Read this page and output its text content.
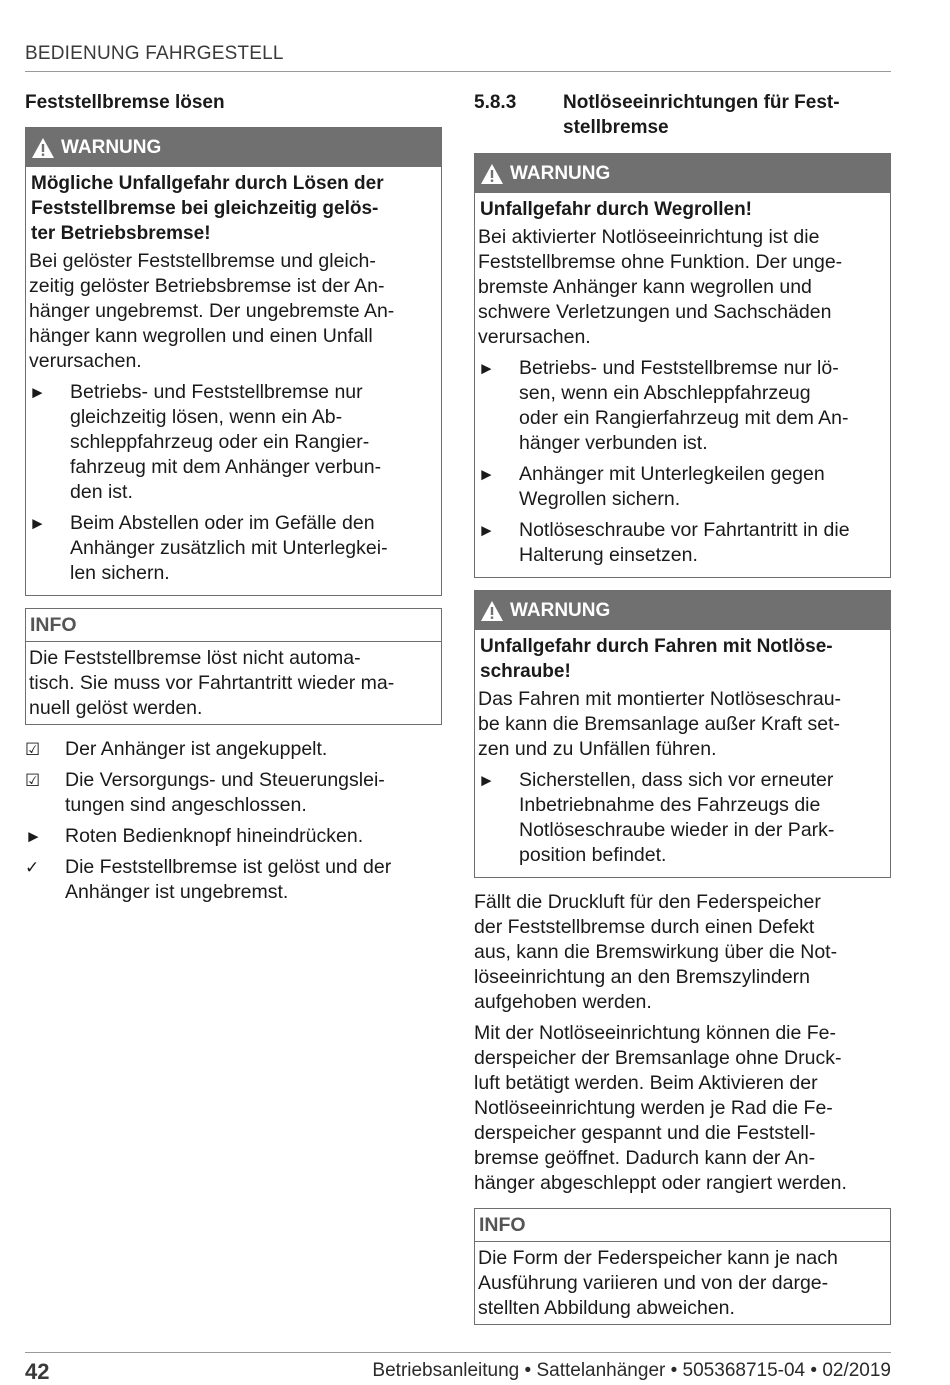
BEDIENUNG FAHRGESTELL
Feststellbremse lösen
WARNUNG
Mögliche Unfallgefahr durch Lösen der
Feststellbremse bei gleichzeitig gelös-
ter Betriebsbremse!
Bei gelöster Feststellbremse und gleich-
zeitig gelöster Betriebsbremse ist der An-
hänger ungebremst. Der ungebremste An-
hänger kann wegrollen und einen Unfall
verursachen.
►	Betriebs- und Feststellbremse nur
gleichzeitig lösen, wenn ein Ab-
schleppfahrzeug oder ein Rangier-
fahrzeug mit dem Anhänger verbun-
den ist.
►	Beim Abstellen oder im Gefälle den
Anhänger zusätzlich mit Unterlegkei-
len sichern.
INFO
Die Feststellbremse löst nicht automa-
tisch. Sie muss vor Fahrtantritt wieder ma-
nuell gelöst werden.
☑	Der Anhänger ist angekuppelt.
☑	Die Versorgungs- und Steuerungslei-
tungen sind angeschlossen.
►	Roten Bedienknopf hineindrücken.
✓	Die Feststellbremse ist gelöst und der
Anhänger ist ungebremst.
5.8.3	Notlöseeinrichtungen für Fest-
stellbremse
WARNUNG
Unfallgefahr durch Wegrollen!
Bei aktivierter Notlöseeinrichtung ist die
Feststellbremse ohne Funktion. Der unge-
bremste Anhänger kann wegrollen und
schwere Verletzungen und Sachschäden
verursachen.
►	Betriebs- und Feststellbremse nur lö-
sen, wenn ein Abschleppfahrzeug
oder ein Rangierfahrzeug mit dem An-
hänger verbunden ist.
►	Anhänger mit Unterlegkeilen gegen
Wegrollen sichern.
►	Notlöseschraube vor Fahrtantritt in die
Halterung einsetzen.
WARNUNG
Unfallgefahr durch Fahren mit Notlöse-
schraube!
Das Fahren mit montierter Notlöseschrau-
be kann die Bremsanlage außer Kraft set-
zen und zu Unfällen führen.
►	Sicherstellen, dass sich vor erneuter
Inbetriebnahme des Fahrzeugs die
Notlöseschraube wieder in der Park-
position befindet.
Fällt die Druckluft für den Federspeicher
der Feststellbremse durch einen Defekt
aus, kann die Bremswirkung über die Not-
löseeinrichtung an den Bremszylindern
aufgehoben werden.
Mit der Notlöseeinrichtung können die Fe-
derspeicher der Bremsanlage ohne Druck-
luft betätigt werden. Beim Aktivieren der
Notlöseeinrichtung werden je Rad die Fe-
derspeicher gespannt und die Feststell-
bremse geöffnet. Dadurch kann der An-
hänger abgeschleppt oder rangiert werden.
INFO
Die Form der Federspeicher kann je nach
Ausführung variieren und von der darge-
stellten Abbildung abweichen.
42	Betriebsanleitung • Sattelanhänger • 505368715-04 • 02/2019
